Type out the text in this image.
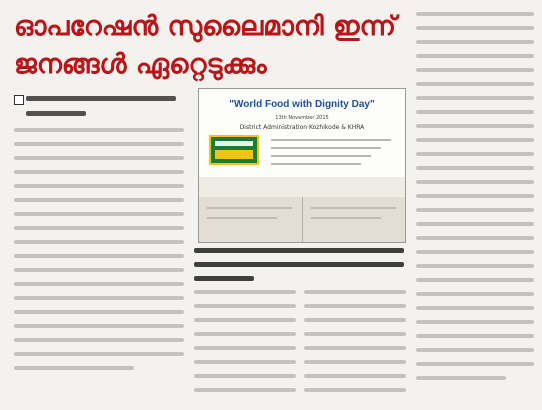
ഓപറേഷൻ സുലൈമാനി ഇന്ന്
ജനങ്ങൾ ഏറ്റെടുക്കും
"World Food with Dignity Day"
13th November 2015
District Administration Kozhikode & KHRA
